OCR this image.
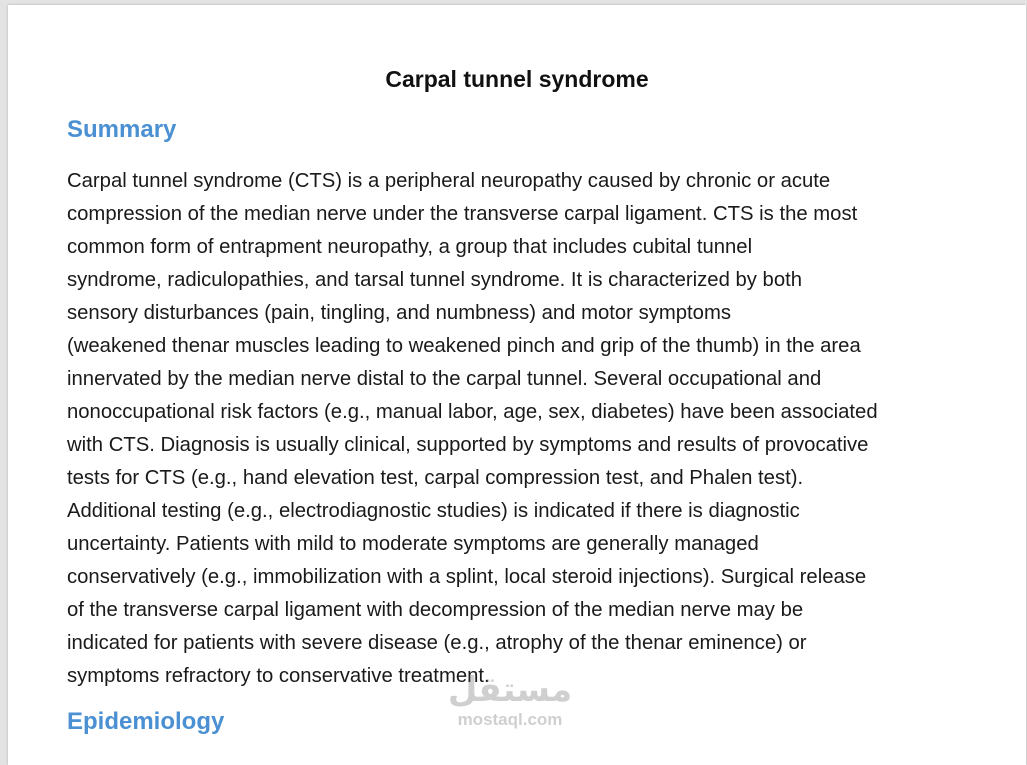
Carpal tunnel syndrome
Summary

Carpal tunnel syndrome (CTS) is a peripheral neuropathy caused by chronic or acute
compression of the median nerve under the transverse carpal ligament. CTS is the most
common form of entrapment neuropathy, a group that includes cubital tunnel
syndrome, radiculopathies, and tarsal tunnel syndrome. It is characterized by both
sensory disturbances (pain, tingling, and numbness) and motor symptoms
(weakened thenar muscles leading to weakened pinch and grip of the thumb) in the area
innervated by the median nerve distal to the carpal tunnel. Several occupational and
nonoccupational risk factors (e.g., manual labor, age, sex, diabetes) have been associated
with CTS. Diagnosis is usually clinical, supported by symptoms and results of provocative
tests for CTS (e.g., hand elevation test, carpal compression test, and Phalen test).
Additional testing (e.g., electrodiagnostic studies) is indicated if there is diagnostic
uncertainty. Patients with mild to moderate symptoms are generally managed
conservatively (e.g., immobilization with a splint, local steroid injections). Surgical release
of the transverse carpal ligament with decompression of the median nerve may be
indicated for patients with severe disease (e.g., atrophy of the thenar eminence) or
symptoms refractory to conservative treatment.

Epidemiology
مستقل
mostaql.com
